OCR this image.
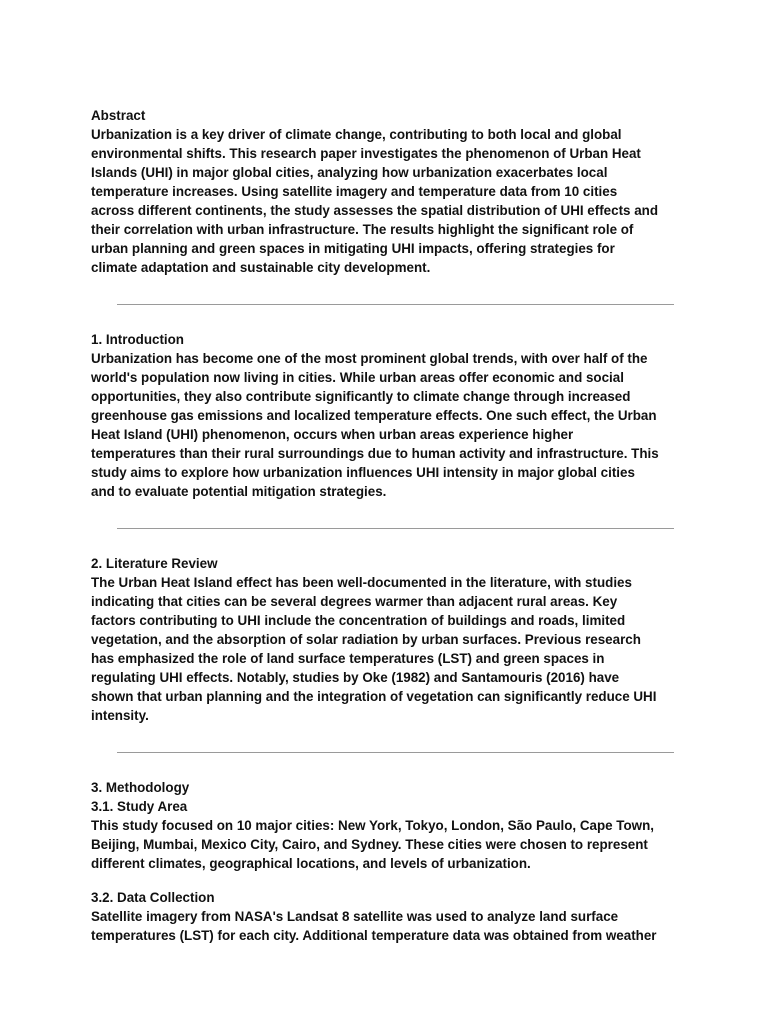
Abstract

Urbanization is a key driver of climate change, contributing to both local and global
environmental shifts. This research paper investigates the phenomenon of Urban Heat
Islands (UHI) in major global cities, analyzing how urbanization exacerbates local
temperature increases. Using satellite imagery and temperature data from 10 cities
across different continents, the study assesses the spatial distribution of UHI effects and
their correlation with urban infrastructure. The results highlight the significant role of
urban planning and green spaces in mitigating UHI impacts, offering strategies for
climate adaptation and sustainable city development.

1. Introduction

Urbanization has become one of the most prominent global trends, with over half of the
world's population now living in cities. While urban areas offer economic and social
opportunities, they also contribute significantly to climate change through increased
greenhouse gas emissions and localized temperature effects. One such effect, the Urban
Heat Island (UHI) phenomenon, occurs when urban areas experience higher
temperatures than their rural surroundings due to human activity and infrastructure. This
study aims to explore how urbanization influences UHI intensity in major global cities
and to evaluate potential mitigation strategies.

2. Literature Review

The Urban Heat Island effect has been well-documented in the literature, with studies
indicating that cities can be several degrees warmer than adjacent rural areas. Key
factors contributing to UHI include the concentration of buildings and roads, limited
vegetation, and the absorption of solar radiation by urban surfaces. Previous research
has emphasized the role of land surface temperatures (LST) and green spaces in
regulating UHI effects. Notably, studies by Oke (1982) and Santamouris (2016) have
shown that urban planning and the integration of vegetation can significantly reduce UHI
intensity.

3. Methodology

3.1. Study Area

This study focused on 10 major cities: New York, Tokyo, London, São Paulo, Cape Town,
Beijing, Mumbai, Mexico City, Cairo, and Sydney. These cities were chosen to represent
different climates, geographical locations, and levels of urbanization.

3.2. Data Collection

Satellite imagery from NASA's Landsat 8 satellite was used to analyze land surface
temperatures (LST) for each city. Additional temperature data was obtained from weather
